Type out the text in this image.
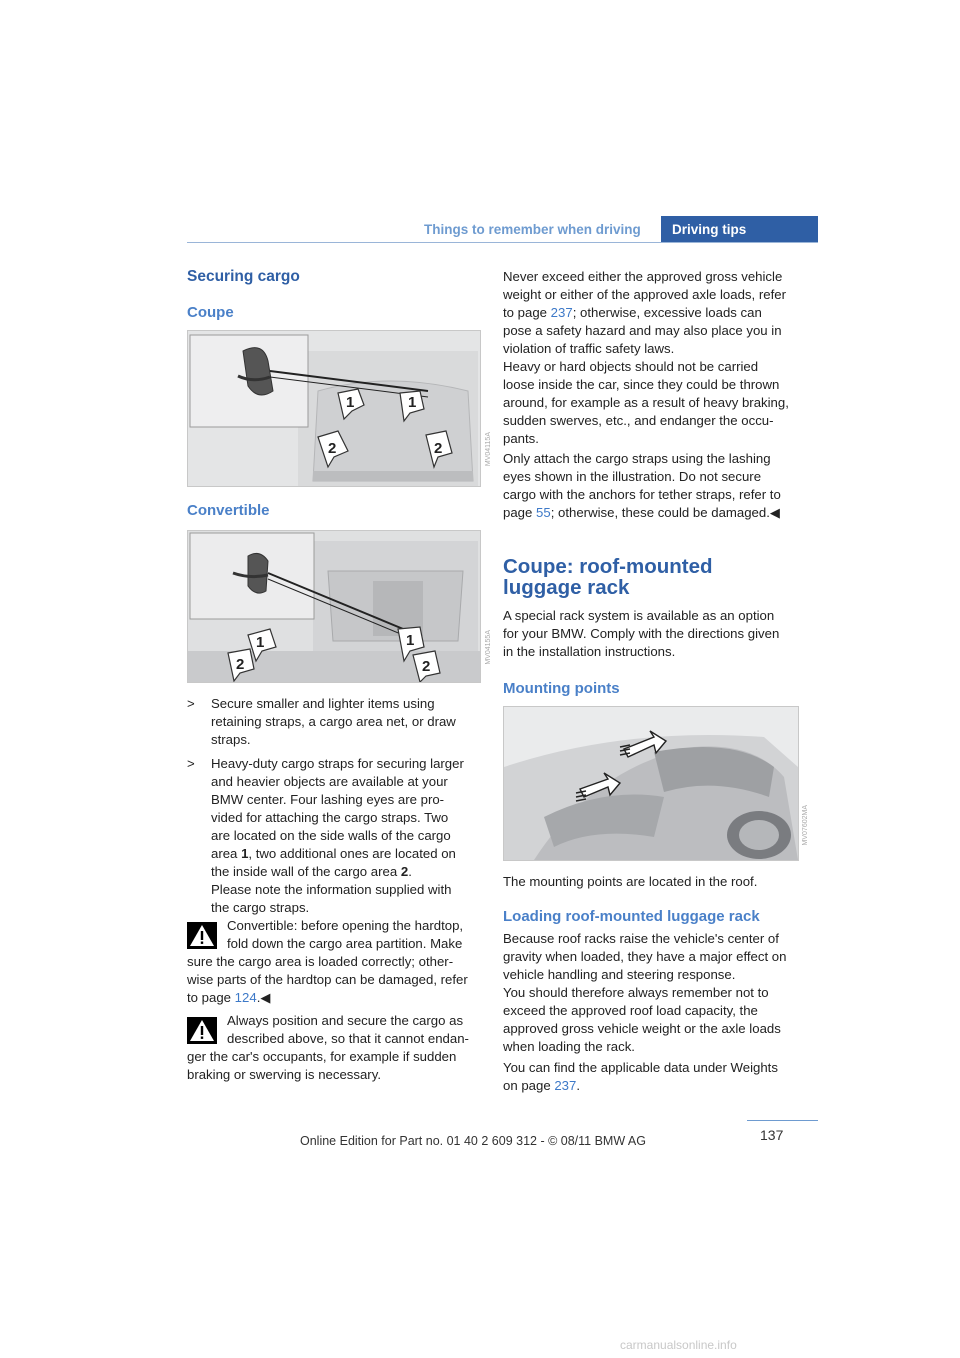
Things to remember when driving	Driving tips
Securing cargo
Coupe
1	1
2	2	MV04115A
Convertible
1	1
2	2
MV04155A
> Secure smaller and lighter items using
retaining straps, a cargo area net, or draw
straps.
> Heavy-duty cargo straps for securing larger
and heavier objects are available at your
BMW center. Four lashing eyes are pro-
vided for attaching the cargo straps. Two
are located on the side walls of the cargo
area 1, two additional ones are located on
the inside wall of the cargo area 2.
Please note the information supplied with
the cargo straps.
Convertible: before opening the hardtop,
fold down the cargo area partition. Make
sure the cargo area is loaded correctly; other-
wise parts of the hardtop can be damaged, refer
to page 124.◀
Always position and secure the cargo as
described above, so that it cannot endan-
ger the car's occupants, for example if sudden
braking or swerving is necessary.
Never exceed either the approved gross vehicle
weight or either of the approved axle loads, refer
to page 237; otherwise, excessive loads can
pose a safety hazard and may also place you in
violation of traffic safety laws.
Heavy or hard objects should not be carried
loose inside the car, since they could be thrown
around, for example as a result of heavy braking,
sudden swerves, etc., and endanger the occu-
pants.
Only attach the cargo straps using the lashing
eyes shown in the illustration. Do not secure
cargo with the anchors for tether straps, refer to
page 55; otherwise, these could be damaged.◀
Coupe: roof-mounted
luggage rack
A special rack system is available as an option
for your BMW. Comply with the directions given
in the installation instructions.
Mounting points
MV07602MA
The mounting points are located in the roof.
Loading roof-mounted luggage rack
Because roof racks raise the vehicle's center of
gravity when loaded, they have a major effect on
vehicle handling and steering response.
You should therefore always remember not to
exceed the approved roof load capacity, the
approved gross vehicle weight or the axle loads
when loading the rack.
You can find the applicable data under Weights
on page 237.
137
Online Edition for Part no. 01 40 2 609 312 - © 08/11 BMW AG
carmanualsonline.info
